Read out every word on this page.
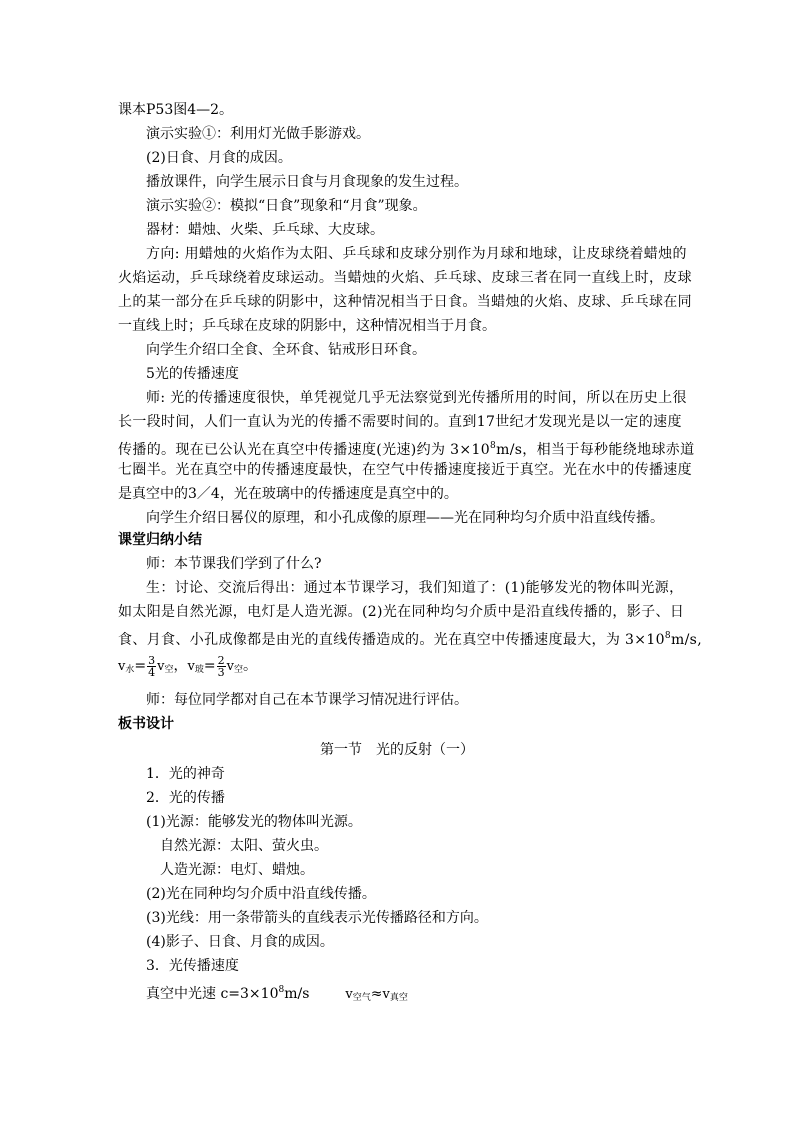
课本P53图4—2。
演示实验①：利用灯光做手影游戏。
(2)日食、月食的成因。
播放课件，向学生展示日食与月食现象的发生过程。
演示实验②：模拟“日食”现象和“月食”现象。
器材：蜡烛、火柴、乒乓球、大皮球。
方向: 用蜡烛的火焰作为太阳、乒乓球和皮球分别作为月球和地球，让皮球绕着蜡烛的
火焰运动，乒乓球绕着皮球运动。当蜡烛的火焰、乒乓球、皮球三者在同一直线上时，皮球
上的某一部分在乒乓球的阴影中，这种情况相当于日食。当蜡烛的火焰、皮球、乒乓球在同
一直线上时；乒乓球在皮球的阴影中，这种情况相当于月食。
向学生介绍口全食、全环食、钻戒形日环食。
5光的传播速度
师: 光的传播速度很快，单凭视觉几乎无法察觉到光传播所用的时间，所以在历史上很
长一段时间，人们一直认为光的传播不需要时间的。直到17世纪才发现光是以一定的速度
传播的。现在已公认光在真空中传播速度(光速)约为 $3\times 10^8m/s$，相当于每秒能绕地球赤道
七圈半。光在真空中的传播速度最快，在空气中传播速度接近于真空。光在水中的传播速度
是真空中的3／4，光在玻璃中的传播速度是真空中的。
向学生介绍日晷仪的原理，和小孔成像的原理——光在同种均匀介质中沿直线传播。
课堂归纳小结
师：本节课我们学到了什么?
生：讨论、交流后得出：通过本节课学习，我们知道了：(1)能够发光的物体叫光源，
如太阳是自然光源，电灯是人造光源。(2)光在同种均匀介质中是沿直线传播的，影子、日
食、月食、小孔成像都是由光的直线传播造成的。光在真空中传播速度最大，为 $3\times 10^8m/s$,
$v_水= \frac{3}{4} v_空$，$v_玻= \frac{2}{3} v_空$。
师：每位同学都对自己在本节课学习情况进行评估。
板书设计
第一节　光的反射（一）
1．光的神奇
2．光的传播
(1)光源：能够发光的物体叫光源。
自然光源：太阳、萤火虫。
人造光源：电灯、蜡烛。
(2)光在同种均匀介质中沿直线传播。
(3)光线：用一条带箭头的直线表示光传播路径和方向。
(4)影子、日食、月食的成因。
3．光传播速度
真空中光速 $c=3\times 10^8m/s$	$v_{空气}\approx v_{真空}$
